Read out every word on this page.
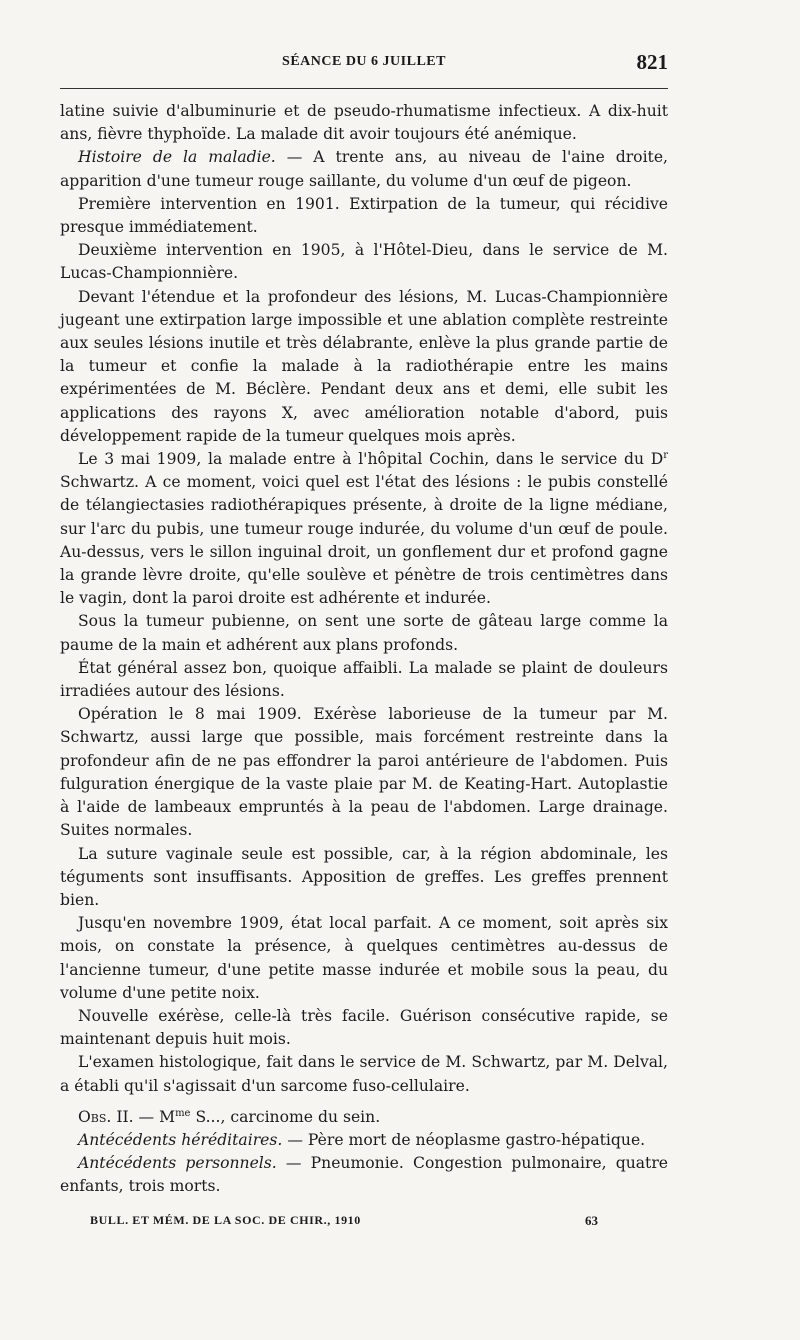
SÉANCE DU 6 JUILLET	821

latine suivie d'albuminurie et de pseudo-rhumatisme infectieux. A dix-huit ans, fièvre thyphoïde. La malade dit avoir toujours été anémique.

Histoire de la maladie. — A trente ans, au niveau de l'aine droite, apparition d'une tumeur rouge saillante, du volume d'un œuf de pigeon.

Première intervention en 1901. Extirpation de la tumeur, qui récidive presque immédiatement.

Deuxième intervention en 1905, à l'Hôtel-Dieu, dans le service de M. Lucas-Championnière.

Devant l'étendue et la profondeur des lésions, M. Lucas-Championnière jugeant une extirpation large impossible et une ablation complète restreinte aux seules lésions inutile et très délabrante, enlève la plus grande partie de la tumeur et confie la malade à la radiothérapie entre les mains expérimentées de M. Béclère. Pendant deux ans et demi, elle subit les applications des rayons X, avec amélioration notable d'abord, puis développement rapide de la tumeur quelques mois après.

Le 3 mai 1909, la malade entre à l'hôpital Cochin, dans le service du $D^r$ Schwartz. A ce moment, voici quel est l'état des lésions : le pubis constellé de télangiectasies radiothérapiques présente, à droite de la ligne médiane, sur l'arc du pubis, une tumeur rouge indurée, du volume d'un œuf de poule. Au-dessus, vers le sillon inguinal droit, un gonflement dur et profond gagne la grande lèvre droite, qu'elle soulève et pénètre de trois centimètres dans le vagin, dont la paroi droite est adhérente et indurée.

Sous la tumeur pubienne, on sent une sorte de gâteau large comme la paume de la main et adhérent aux plans profonds.

État général assez bon, quoique affaibli. La malade se plaint de douleurs irradiées autour des lésions.

Opération le 8 mai 1909. Exérèse laborieuse de la tumeur par M. Schwartz, aussi large que possible, mais forcément restreinte dans la profondeur afin de ne pas effondrer la paroi antérieure de l'abdomen. Puis fulguration énergique de la vaste plaie par M. de Keating-Hart. Autoplastie à l'aide de lambeaux empruntés à la peau de l'abdomen. Large drainage. Suites normales.

La suture vaginale seule est possible, car, à la région abdominale, les téguments sont insuffisants. Apposition de greffes. Les greffes prennent bien.

Jusqu'en novembre 1909, état local parfait. A ce moment, soit après six mois, on constate la présence, à quelques centimètres au-dessus de l'ancienne tumeur, d'une petite masse indurée et mobile sous la peau, du volume d'une petite noix.

Nouvelle exérèse, celle-là très facile. Guérison consécutive rapide, se maintenant depuis huit mois.

L'examen histologique, fait dans le service de M. Schwartz, par M. Delval, a établi qu'il s'agissait d'un sarcome fuso-cellulaire.

Obs. II. — $M^{me}$ S..., carcinome du sein.

Antécédents héréditaires. — Père mort de néoplasme gastro-hépatique.

Antécédents personnels. — Pneumonie. Congestion pulmonaire, quatre enfants, trois morts.

BULL. ET MÉM. DE LA SOC. DE CHIR., 1910	63
